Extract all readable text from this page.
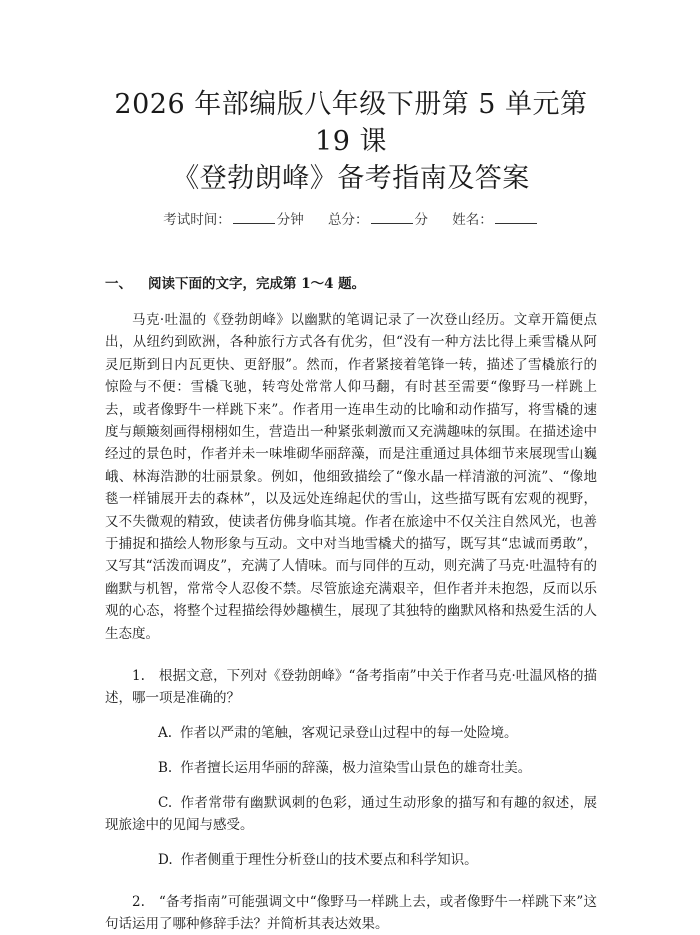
2026 年部编版八年级下册第 5 单元第 19 课
《登勃朗峰》备考指南及答案
考试时间：	分钟 总分：	分 姓名：

一、 阅读下面的文字，完成第 1～4 题。

马克·吐温的《登勃朗峰》以幽默的笔调记录了一次登山经历。文章开篇便点出，从纽约到欧洲，各种旅行方式各有优劣，但“没有一种方法比得上乘雪橇从阿灵厄斯到日内瓦更快、更舒服”。然而，作者紧接着笔锋一转，描述了雪橇旅行的惊险与不便：雪橇飞驰，转弯处常常人仰马翻，有时甚至需要“像野马一样跳上去，或者像野牛一样跳下来”。作者用一连串生动的比喻和动作描写，将雪橇的速度与颠簸刻画得栩栩如生，营造出一种紧张刺激而又充满趣味的氛围。在描述途中经过的景色时，作者并未一味堆砌华丽辞藻，而是注重通过具体细节来展现雪山巍峨、林海浩渺的壮丽景象。例如，他细致描绘了“像水晶一样清澈的河流”、“像地毯一样铺展开去的森林”，以及远处连绵起伏的雪山，这些描写既有宏观的视野，又不失微观的精致，使读者仿佛身临其境。作者在旅途中不仅关注自然风光，也善于捕捉和描绘人物形象与互动。文中对当地雪橇犬的描写，既写其“忠诚而勇敢”，又写其“活泼而调皮”，充满了人情味。而与同伴的互动，则充满了马克·吐温特有的幽默与机智，常常令人忍俊不禁。尽管旅途充满艰辛，但作者并未抱怨，反而以乐观的心态，将整个过程描绘得妙趣横生，展现了其独特的幽默风格和热爱生活的人生态度。

1. 根据文意，下列对《登勃朗峰》“备考指南”中关于作者马克·吐温风格的描述，哪一项是准确的？

A. 作者以严肃的笔触，客观记录登山过程中的每一处险境。

B. 作者擅长运用华丽的辞藻，极力渲染雪山景色的雄奇壮美。

C. 作者常带有幽默讽刺的色彩，通过生动形象的描写和有趣的叙述，展现旅途中的见闻与感受。

D. 作者侧重于理性分析登山的技术要点和科学知识。

2. “备考指南”可能强调文中“像野马一样跳上去，或者像野牛一样跳下来”这句话运用了哪种修辞手法？并简析其表达效果。
